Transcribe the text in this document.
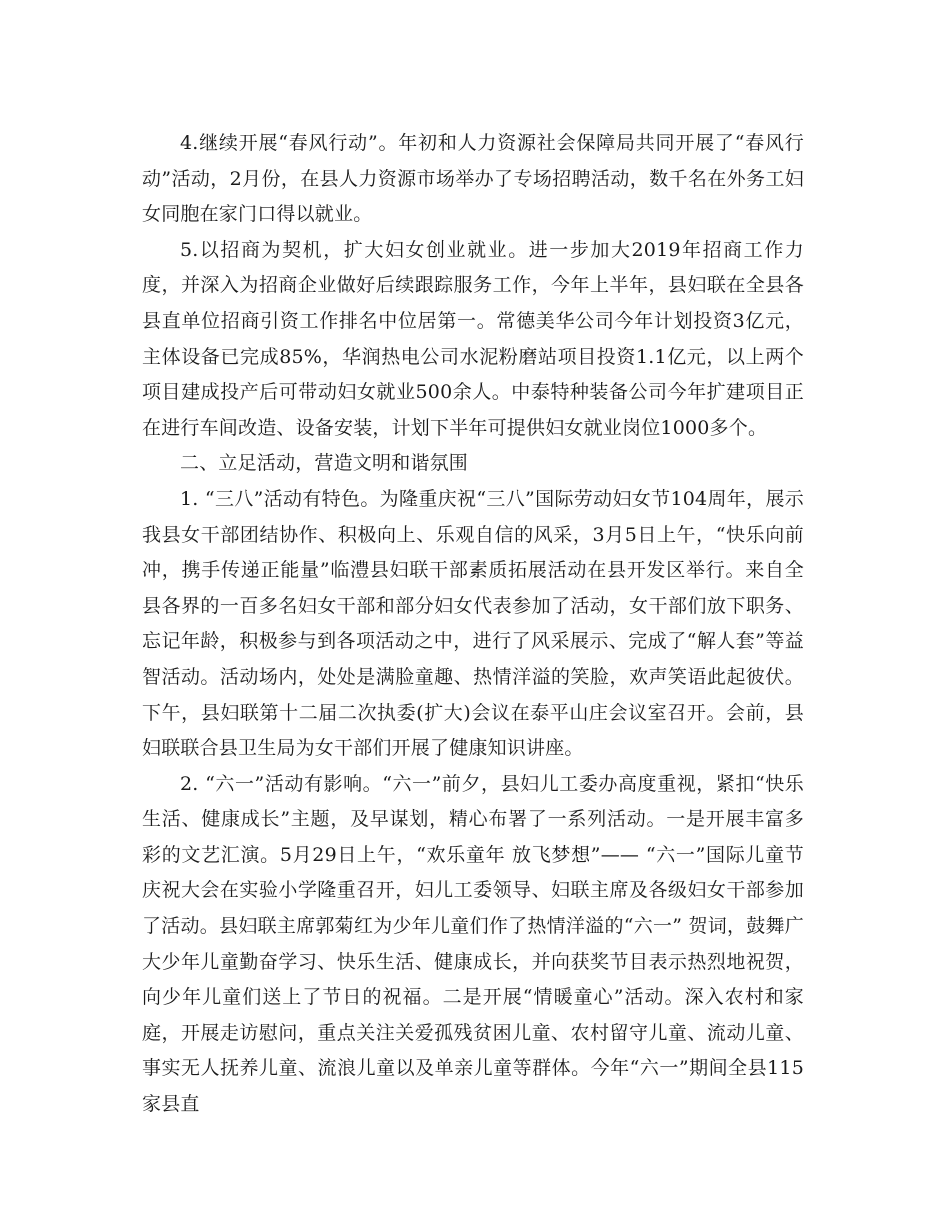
4.继续开展“春风行动”。年初和人力资源社会保障局共同开展了“春风行动”活动，2月份，在县人力资源市场举办了专场招聘活动，数千名在外务工妇女同胞在家门口得以就业。

5.以招商为契机，扩大妇女创业就业。进一步加大2019年招商工作力度，并深入为招商企业做好后续跟踪服务工作，今年上半年，县妇联在全县各县直单位招商引资工作排名中位居第一。常德美华公司今年计划投资3亿元，主体设备已完成85%，华润热电公司水泥粉磨站项目投资1.1亿元，以上两个项目建成投产后可带动妇女就业500余人。中泰特种装备公司今年扩建项目正在进行车间改造、设备安装，计划下半年可提供妇女就业岗位1000多个。

二、立足活动，营造文明和谐氛围

1. “三八”活动有特色。为隆重庆祝“三八”国际劳动妇女节104周年，展示我县女干部团结协作、积极向上、乐观自信的风采，3月5日上午，“快乐向前冲，携手传递正能量”临澧县妇联干部素质拓展活动在县开发区举行。来自全县各界的一百多名妇女干部和部分妇女代表参加了活动，女干部们放下职务、忘记年龄，积极参与到各项活动之中，进行了风采展示、完成了“解人套”等益智活动。活动场内，处处是满脸童趣、热情洋溢的笑脸，欢声笑语此起彼伏。下午，县妇联第十二届二次执委(扩大)会议在泰平山庄会议室召开。会前，县妇联联合县卫生局为女干部们开展了健康知识讲座。

2. “六一”活动有影响。“六一”前夕，县妇儿工委办高度重视，紧扣“快乐生活、健康成长”主题，及早谋划，精心布署了一系列活动。一是开展丰富多彩的文艺汇演。5月29日上午，“欢乐童年 放飞梦想”—— “六一”国际儿童节庆祝大会在实验小学隆重召开，妇儿工委领导、妇联主席及各级妇女干部参加了活动。县妇联主席郭菊红为少年儿童们作了热情洋溢的“六一” 贺词，鼓舞广大少年儿童勤奋学习、快乐生活、健康成长，并向获奖节目表示热烈地祝贺，向少年儿童们送上了节日的祝福。二是开展“情暖童心”活动。深入农村和家庭，开展走访慰问，重点关注关爱孤残贫困儿童、农村留守儿童、流动儿童、事实无人抚养儿童、流浪儿童以及单亲儿童等群体。今年“六一”期间全县115 家县直
